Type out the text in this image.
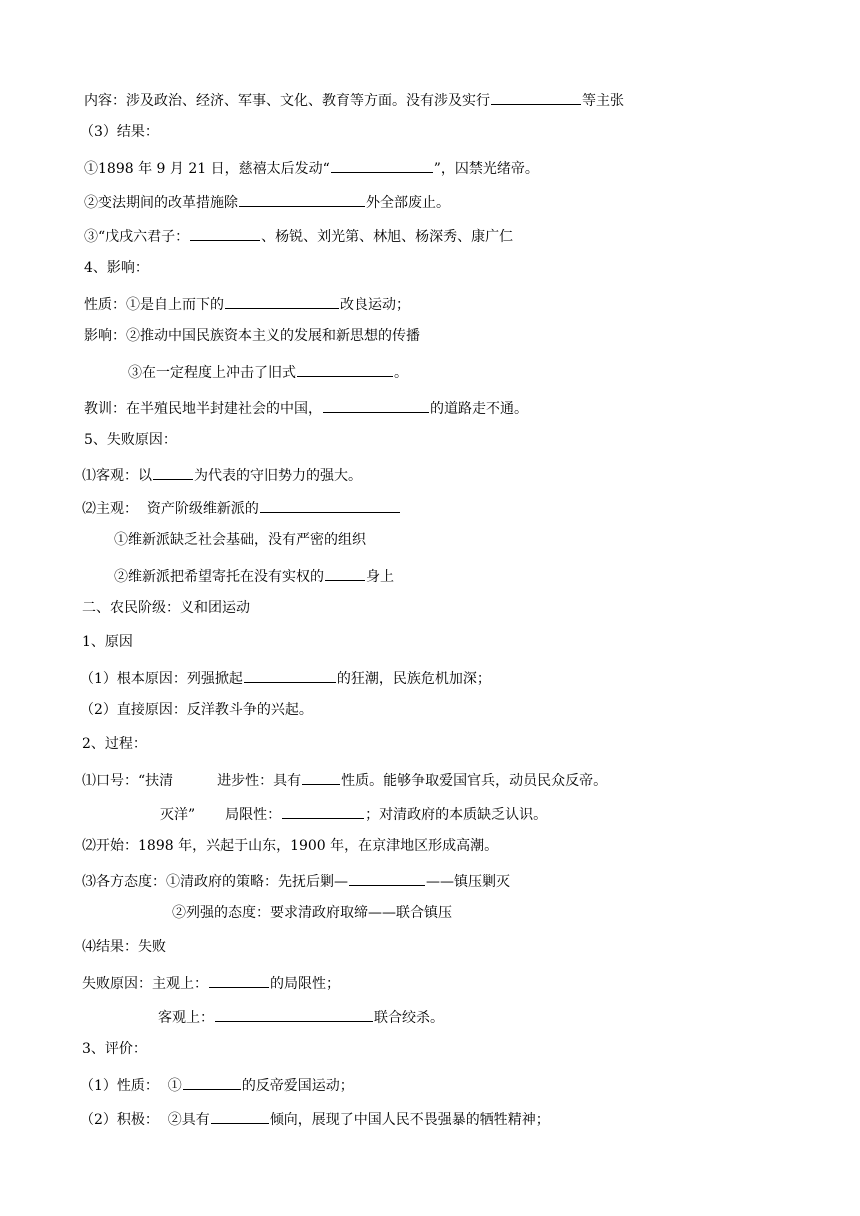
内容：涉及政治、经济、军事、文化、教育等方面。没有涉及实行	等主张
（3）结果：
①1898 年 9 月 21 日，慈禧太后发动“	”，囚禁光绪帝。
②变法期间的改革措施除	外全部废止。
③“戊戌六君子：	、杨锐、刘光第、林旭、杨深秀、康广仁
4、影响：
性质：①是自上而下的	改良运动；
影响：②推动中国民族资本主义的发展和新思想的传播
③在一定程度上冲击了旧式	。
教训：在半殖民地半封建社会的中国，	的道路走不通。
5、失败原因：
⑴客观：以	为代表的守旧势力的强大。
⑵主观：  资产阶级维新派的
①维新派缺乏社会基础，没有严密的组织
②维新派把希望寄托在没有实权的	身上
二、农民阶级：义和团运动
1、原因
（1）根本原因：列强掀起	的狂潮，民族危机加深；
（2）直接原因：反洋教斗争的兴起。
2、过程：
⑴口号：“扶清	进步性：具有	性质。能够争取爱国官兵，动员民众反帝。
灭洋” 局限性：	；对清政府的本质缺乏认识。
⑵开始：1898 年，兴起于山东，1900 年，在京津地区形成高潮。
⑶各方态度：①清政府的策略：先抚后剿—	——镇压剿灭
②列强的态度：要求清政府取缔——联合镇压
⑷结果：失败
失败原因：主观上：	的局限性；
客观上：	联合绞杀。
3、评价：
（1）性质：  ①	的反帝爱国运动；
（2）积极：  ②具有	倾向，展现了中国人民不畏强暴的牺牲精神；
